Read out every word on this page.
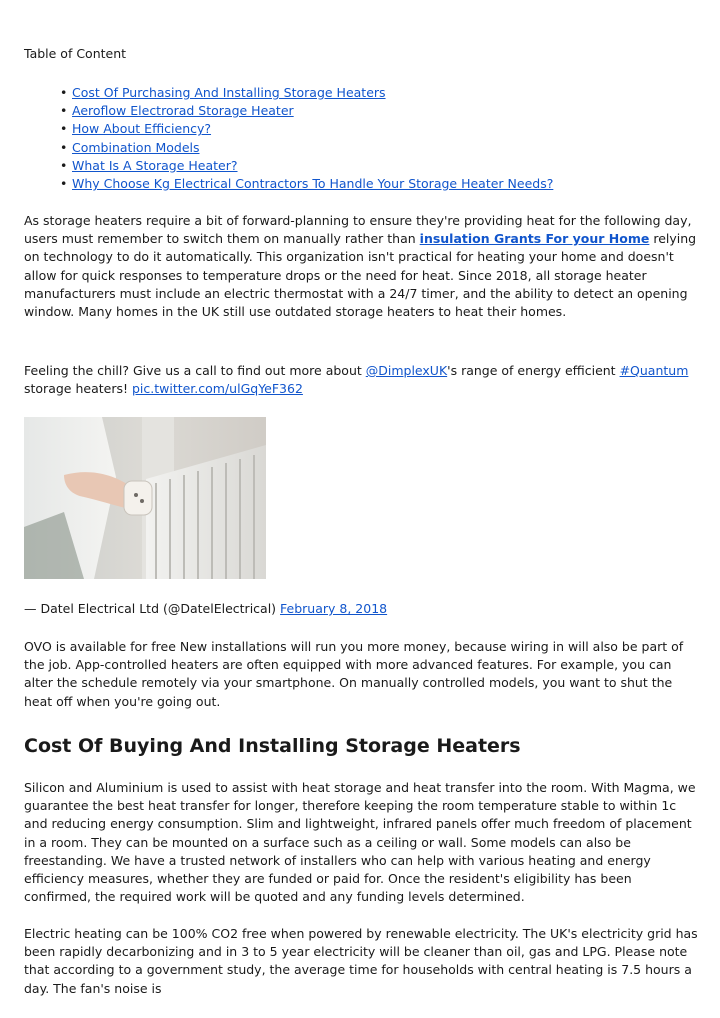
Table of Content

• Cost Of Purchasing And Installing Storage Heaters
• Aeroflow Electrorad Storage Heater
• How About Efficiency?
• Combination Models
• What Is A Storage Heater?
• Why Choose Kg Electrical Contractors To Handle Your Storage Heater Needs?

As storage heaters require a bit of forward-planning to ensure they're providing heat for the following day, users must remember to switch them on manually rather than insulation Grants For your Home relying on technology to do it automatically. This organization isn't practical for heating your home and doesn't allow for quick responses to temperature drops or the need for heat. Since 2018, all storage heater manufacturers must include an electric thermostat with a 24/7 timer, and the ability to detect an opening window. Many homes in the UK still use outdated storage heaters to heat their homes.

Feeling the chill? Give us a call to find out more about @DimplexUK's range of energy efficient #Quantum storage heaters! pic.twitter.com/ulGqYeF362

— Datel Electrical Ltd (@DatelElectrical) February 8, 2018

OVO is available for free New installations will run you more money, because wiring in will also be part of the job. App-controlled heaters are often equipped with more advanced features. For example, you can alter the schedule remotely via your smartphone. On manually controlled models, you want to shut the heat off when you're going out.

Cost Of Buying And Installing Storage Heaters

Silicon and Aluminium is used to assist with heat storage and heat transfer into the room. With Magma, we guarantee the best heat transfer for longer, therefore keeping the room temperature stable to within 1c and reducing energy consumption. Slim and lightweight, infrared panels offer much freedom of placement in a room. They can be mounted on a surface such as a ceiling or wall. Some models can also be freestanding. We have a trusted network of installers who can help with various heating and energy efficiency measures, whether they are funded or paid for. Once the resident's eligibility has been confirmed, the required work will be quoted and any funding levels determined.

Electric heating can be 100% CO2 free when powered by renewable electricity. The UK's electricity grid has been rapidly decarbonizing and in 3 to 5 year electricity will be cleaner than oil, gas and LPG. Please note that according to a government study, the average time for households with central heating is 7.5 hours a day. The fan's noise is
